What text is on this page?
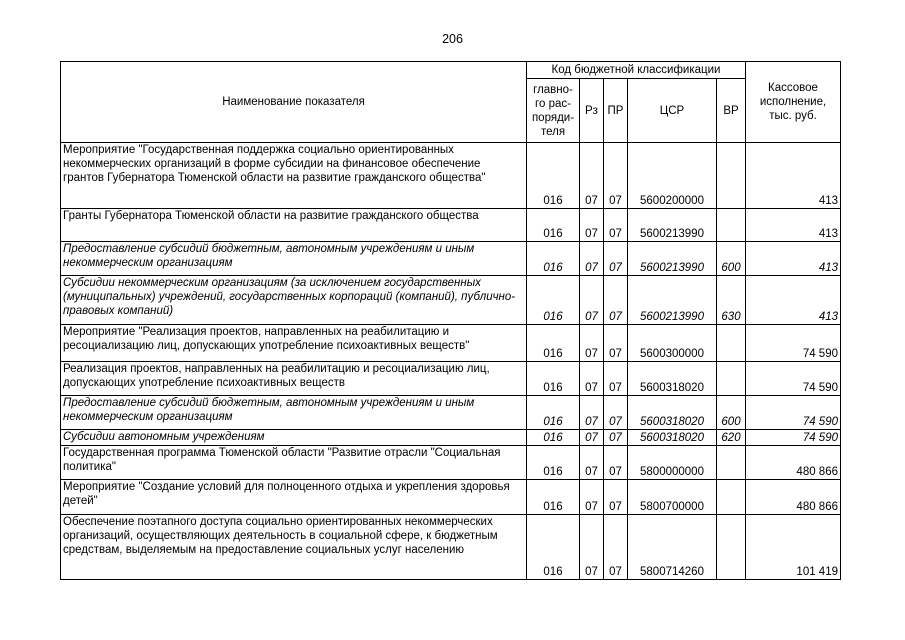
206
Наименование показателя	Код бюджетной классификации					Кассовое исполнение, тыс. руб.
	главно-го рас-поряди-теля	Рз	ПР	ЦСР	ВР	
Мероприятие "Государственная поддержка социально ориентированных некоммерческих организаций в форме субсидии на финансовое обеспечение грантов Губернатора Тюменской области на развитие гражданского общества"	016	07	07	5600200000		413
Гранты Губернатора Тюменской области на развитие гражданского общества	016	07	07	5600213990		413
Предоставление субсидий бюджетным, автономным учреждениям и иным некоммерческим организациям	016	07	07	5600213990	600	413
Субсидии некоммерческим организациям (за исключением государственных (муниципальных) учреждений, государственных корпораций (компаний), публично-правовых компаний)	016	07	07	5600213990	630	413
Мероприятие "Реализация проектов, направленных на реабилитацию и ресоциализацию лиц, допускающих употребление психоактивных веществ"	016	07	07	5600300000		74 590
Реализация проектов, направленных на реабилитацию и ресоциализацию лиц, допускающих употребление психоактивных веществ	016	07	07	5600318020		74 590
Предоставление субсидий бюджетным, автономным учреждениям и иным некоммерческим организациям	016	07	07	5600318020	600	74 590
Субсидии автономным учреждениям	016	07	07	5600318020	620	74 590
Государственная программа Тюменской области "Развитие отрасли "Социальная политика"	016	07	07	5800000000		480 866
Мероприятие "Создание условий для полноценного отдыха и укрепления здоровья детей"	016	07	07	5800700000		480 866
Обеспечение поэтапного доступа социально ориентированных некоммерческих организаций, осуществляющих деятельность в социальной сфере, к бюджетным средствам, выделяемым на предоставление социальных услуг населению	016	07	07	5800714260		101 419
